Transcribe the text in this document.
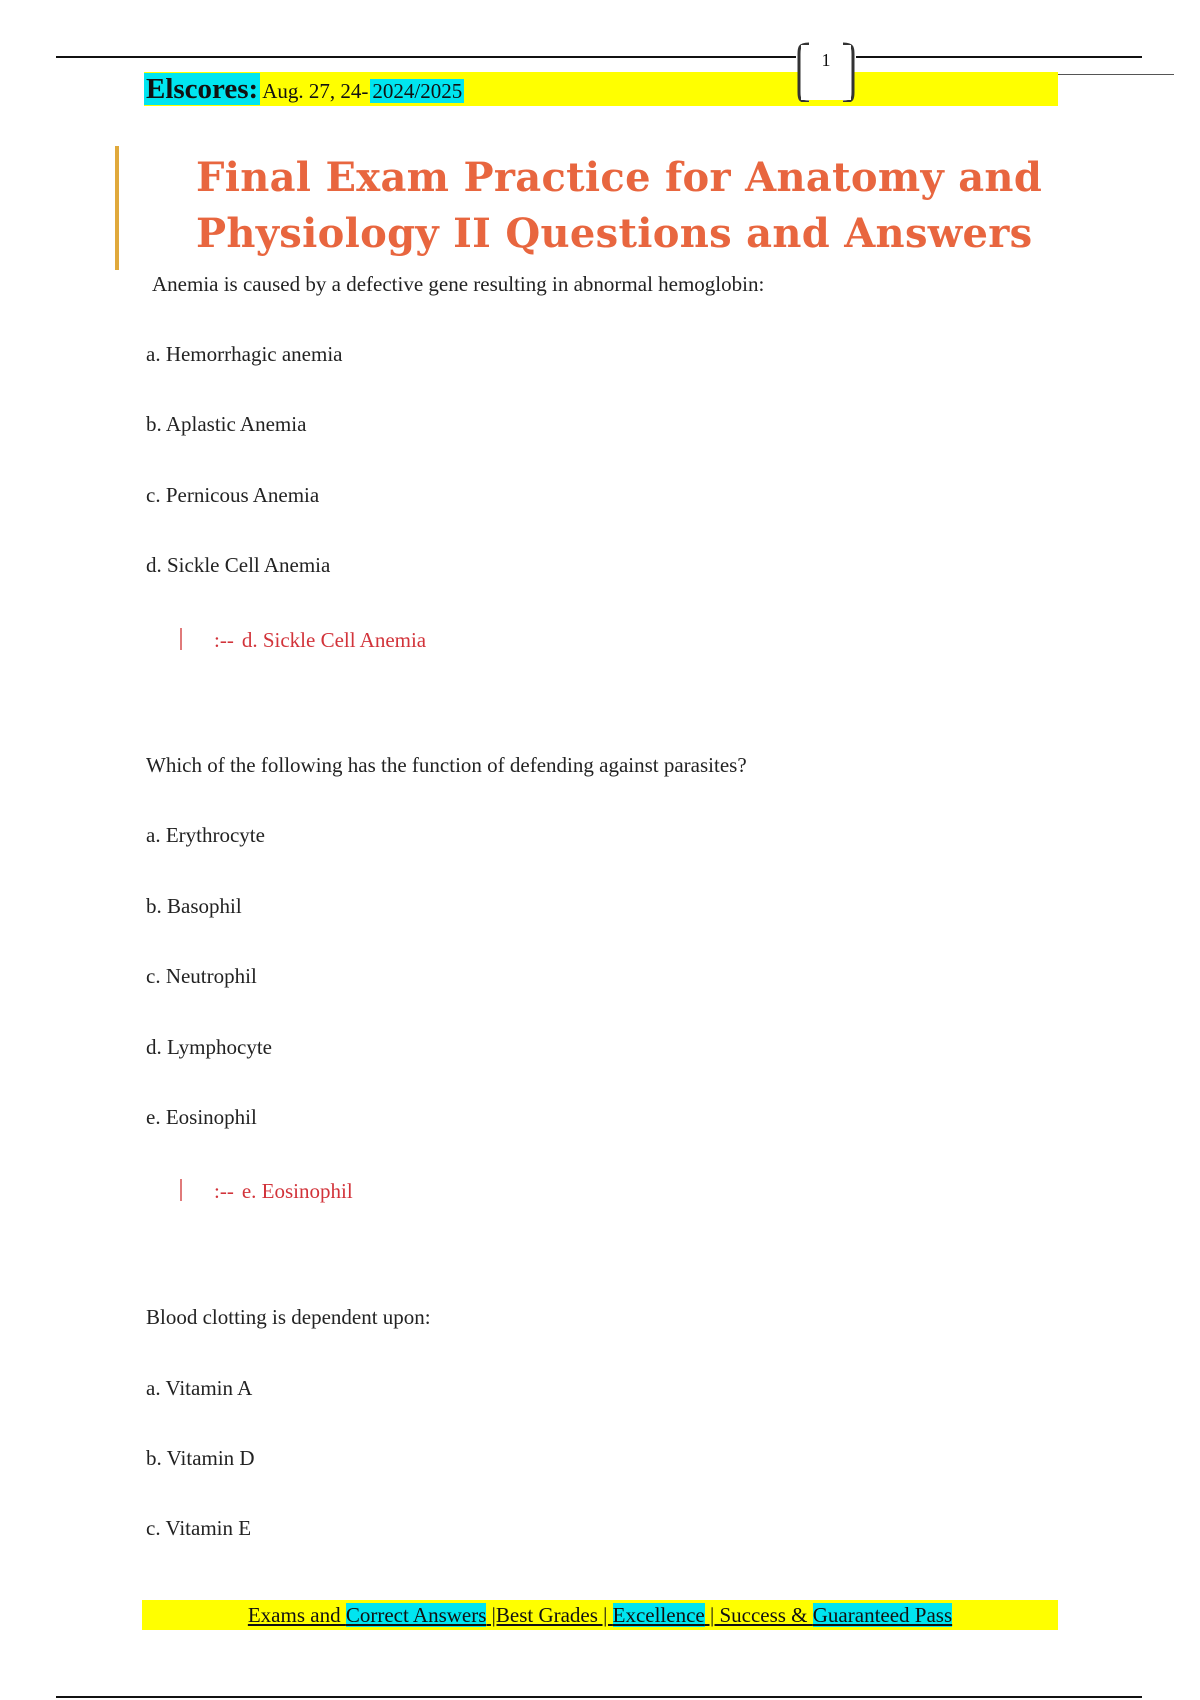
Elscores: Aug. 27, 24- 2024/2025
1
Final Exam Practice for Anatomy and Physiology II Questions and Answers
Anemia is caused by a defective gene resulting in abnormal hemoglobin:
a. Hemorrhagic anemia
b. Aplastic Anemia
c. Pernicous Anemia
d. Sickle Cell Anemia
:-- d. Sickle Cell Anemia
Which of the following has the function of defending against parasites?
a. Erythrocyte
b. Basophil
c. Neutrophil
d. Lymphocyte
e. Eosinophil
:-- e. Eosinophil
Blood clotting is dependent upon:
a. Vitamin A
b. Vitamin D
c. Vitamin E
Exams and Correct Answers |Best Grades | Excellence | Success & Guaranteed Pass
